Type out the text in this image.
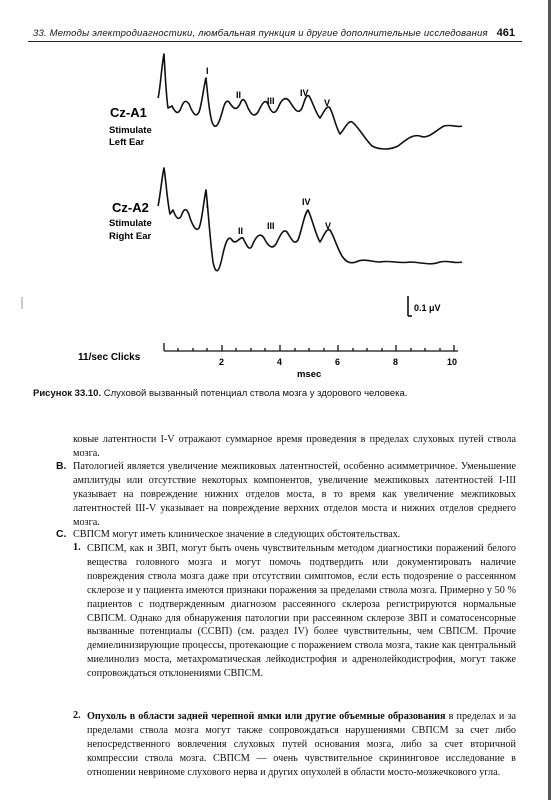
33. Методы электродиагностики, люмбальная пункция и другие дополнительные исследования 461
Cz-A1
Stimulate
Left Ear
Cz-A2
Stimulate
Right Ear
I
II
III
IV
V
I
II	III
IV
V
0.1 μV
11/sec Clicks	2	4	6	8	10
msec
Рисунок 33.10. Слуховой вызванный потенциал ствола мозга у здорового человека.
ковые латентности I-V отражают суммарное время проведения в пределах слуховых путей ствола мозга.
B. Патологией является увеличение межпиковых латентностей, особенно асимметричное. Уменьшение амплитуды или отсутствие некоторых компонентов, увеличение межпиковых латентностей I-III указывает на повреждение нижних отделов моста, в то время как увеличение межпиковых латентностей III-V указывает на повреждение верхних отделов моста и нижних отделов среднего мозга.
C. СВПСМ могут иметь клиническое значение в следующих обстоятельствах.
1. СВПСМ, как и ЗВП, могут быть очень чувствительным методом диагностики поражений белого вещества головного мозга и могут помочь подтвердить или документировать наличие повреждения ствола мозга даже при отсутствии симптомов, если есть подозрение о рассеянном склерозе и у пациента имеются признаки поражения за пределами ствола мозга. Примерно у 50 % пациентов с подтвержденным диагнозом рассеянного склероза регистрируются нормальные СВПСМ. Однако для обнаружения патологии при рассеянном склерозе ЗВП и соматосенсорные вызванные потенциалы (ССВП) (см. раздел IV) более чувствительны, чем СВПСМ. Прочие демиелинизирующие процессы, протекающие с поражением ствола мозга, такие как центральный миелинолиз моста, метахроматическая лейкодистрофия и адренолейкодистрофия, могут также сопровождаться отклонениями СВПСМ.
2. Опухоль в области задней черепной ямки или другие объемные образования в пределах и за пределами ствола мозга могут также сопровождаться нарушениями СВПСМ за счет либо непосредственного вовлечения слуховых путей основания мозга, либо за счет вторичной компрессии ствола мозга. СВПСМ — очень чувствительное скрининговое исследование в отношении невриноме слухового нерва и других опухолей в области мосто-мозжечкового угла.
